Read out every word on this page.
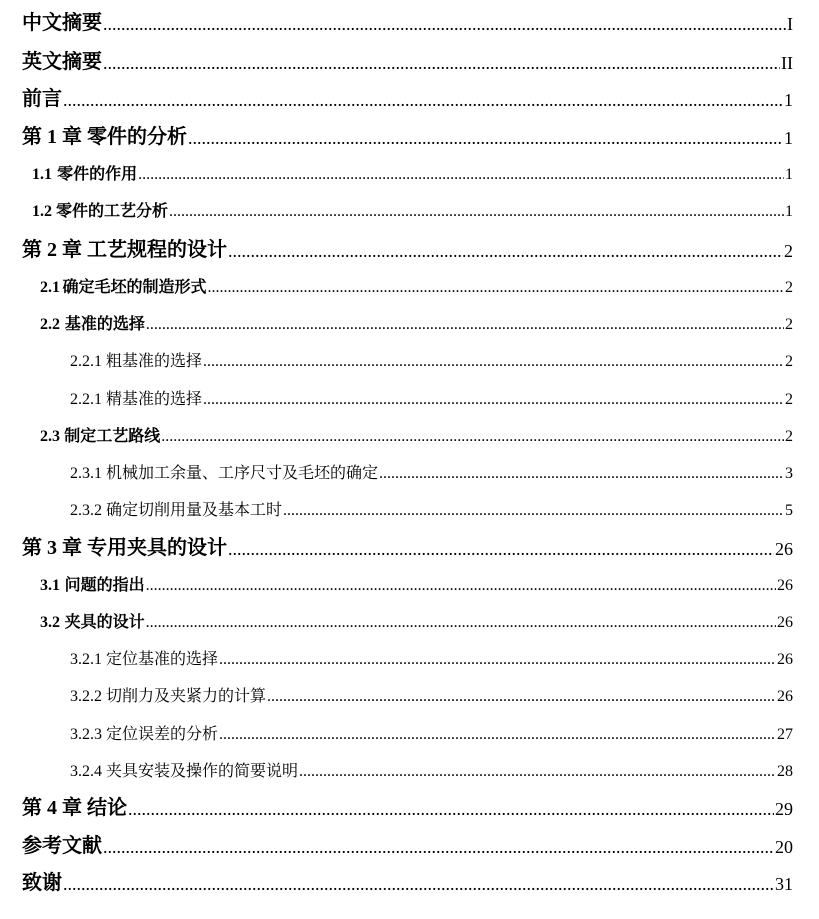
中文摘要 .....	I
英文摘要 .....	II
前言 .....	1
第 1 章 零件的分析 .....	1
1.1 零件的作用 .....	1
1.2 零件的工艺分析 .....	1
第 2 章 工艺规程的设计 .....	2
2.1 确定毛坯的制造形式 .....	2
2.2 基准的选择 .....	2
2.2.1 粗基准的选择 .....	2
2.2.1 精基准的选择 .....	2
2.3 制定工艺路线 .....	2
2.3.1 机械加工余量、工序尺寸及毛坯的确定 .....	3
2.3.2 确定切削用量及基本工时 .....	5
第 3 章 专用夹具的设计 .....	26
3.1 问题的指出 .....	26
3.2 夹具的设计 .....	26
3.2.1 定位基准的选择 .....	26
3.2.2 切削力及夹紧力的计算 .....	26
3.2.3 定位误差的分析 .....	27
3.2.4 夹具安装及操作的简要说明 .....	28
第 4 章 结论 .....	29
参考文献 .....	20
致谢 .....	31
